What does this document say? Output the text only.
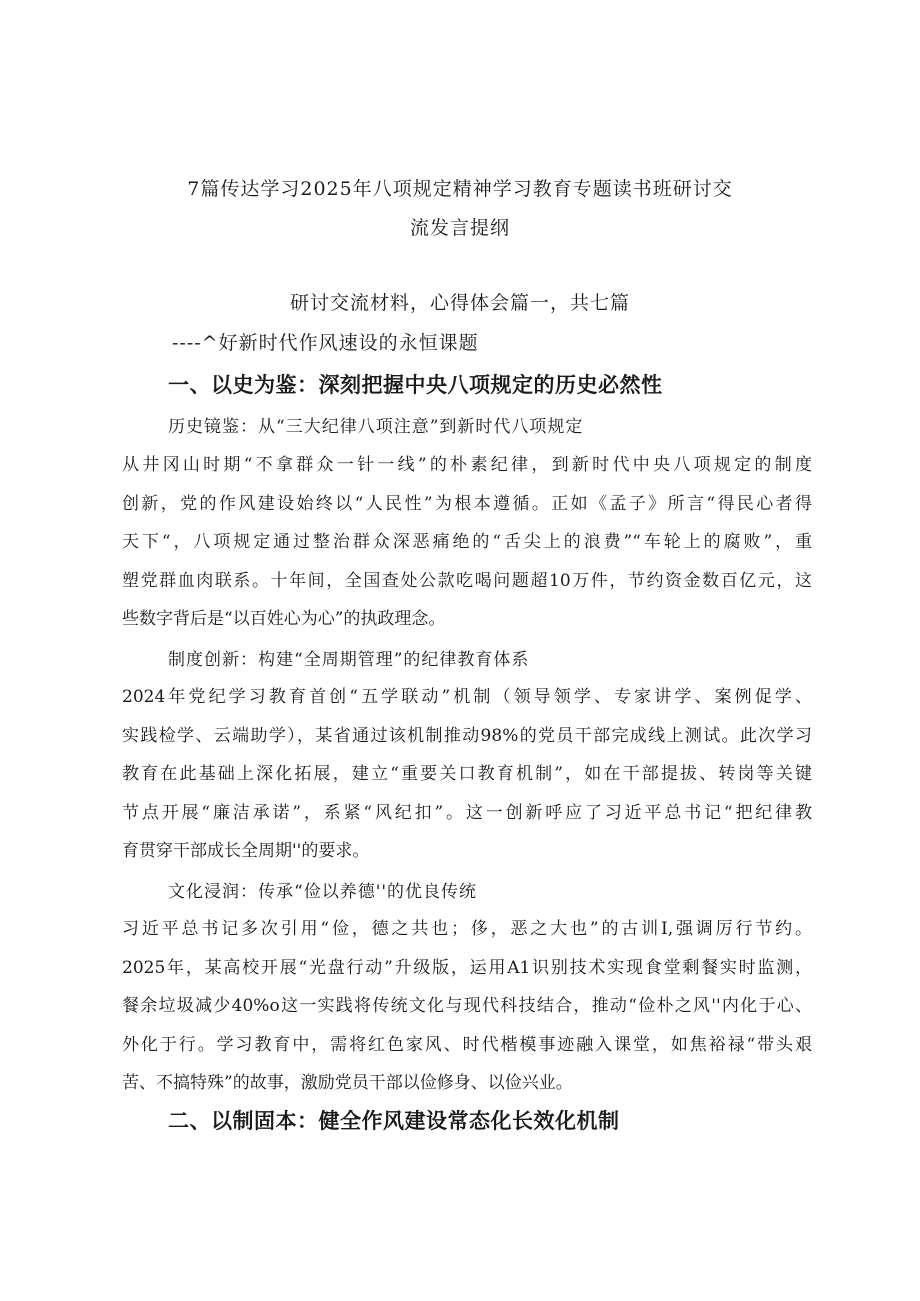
7篇传达学习2025年八项规定精神学习教育专题读书班研讨交
流发言提纲
研讨交流材料，心得体会篇一，共七篇
----^好新时代作风速设的永恒课题
一、以史为鉴：深刻把握中央八项规定的历史必然性
历史镜鉴：从“三大纪律八项注意”到新时代八项规定
从井冈山时期“不拿群众一针一线”的朴素纪律，到新时代中央八项规定的制度
创新，党的作风建设始终以“人民性”为根本遵循。正如《孟子》所言“得民心者得
天下“，八项规定通过整治群众深恶痛绝的“舌尖上的浪费”“车轮上的腐败”，重
塑党群血肉联系。十年间，全国查处公款吃喝问题超10万件，节约资金数百亿元，这
些数字背后是“以百姓心为心”的执政理念。
制度创新：构建“全周期管理”的纪律教育体系
2024年党纪学习教育首创“五学联动”机制（领导领学、专家讲学、案例促学、
实践检学、云端助学），某省通过该机制推动98%的党员干部完成线上测试。此次学习
教育在此基础上深化拓展，建立“重要关口教育机制”，如在干部提拔、转岗等关键
节点开展“廉洁承诺”，系紧“风纪扣”。这一创新呼应了习近平总书记“把纪律教
育贯穿干部成长全周期''的要求。
文化浸润：传承“俭以养德''的优良传统
习近平总书记多次引用“俭，德之共也；侈，恶之大也”的古训I,强调厉行节约。
2025年，某高校开展“光盘行动”升级版，运用A1识别技术实现食堂剩餐实时监测，
餐余垃圾减少40%o这一实践将传统文化与现代科技结合，推动“俭朴之风''内化于心、
外化于行。学习教育中，需将红色家风、时代楷模事迹融入课堂，如焦裕禄“带头艰
苦、不搞特殊”的故事，激励党员干部以俭修身、以俭兴业。
二、以制固本：健全作风建设常态化长效化机制
